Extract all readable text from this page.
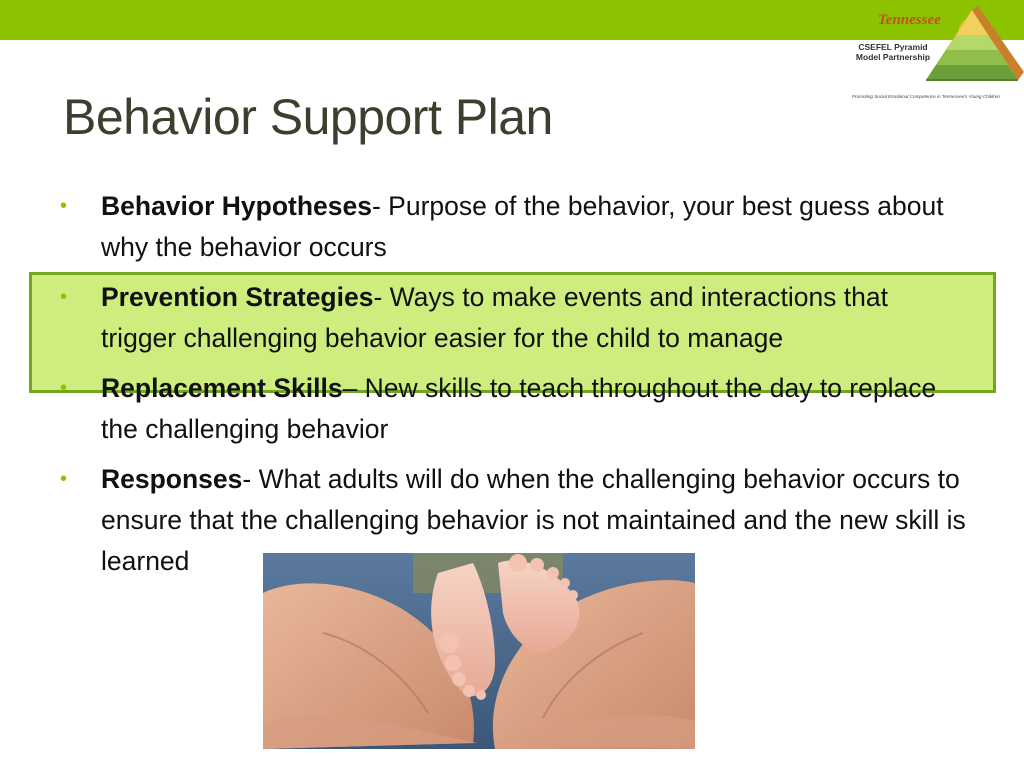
Tennessee
CSEFEL Pyramid Model Partnership
Promoting Social Emotional Competence in Tennessee's Young Children
Behavior Support Plan
• Behavior Hypotheses- Purpose of the behavior, your best guess about why the behavior occurs
• Prevention Strategies- Ways to make events and interactions that trigger challenging behavior easier for the child to manage
• Replacement Skills– New skills to teach throughout the day to replace the challenging behavior
• Responses- What adults will do when the challenging behavior occurs to ensure that the challenging behavior is not maintained and the new skill is learned
